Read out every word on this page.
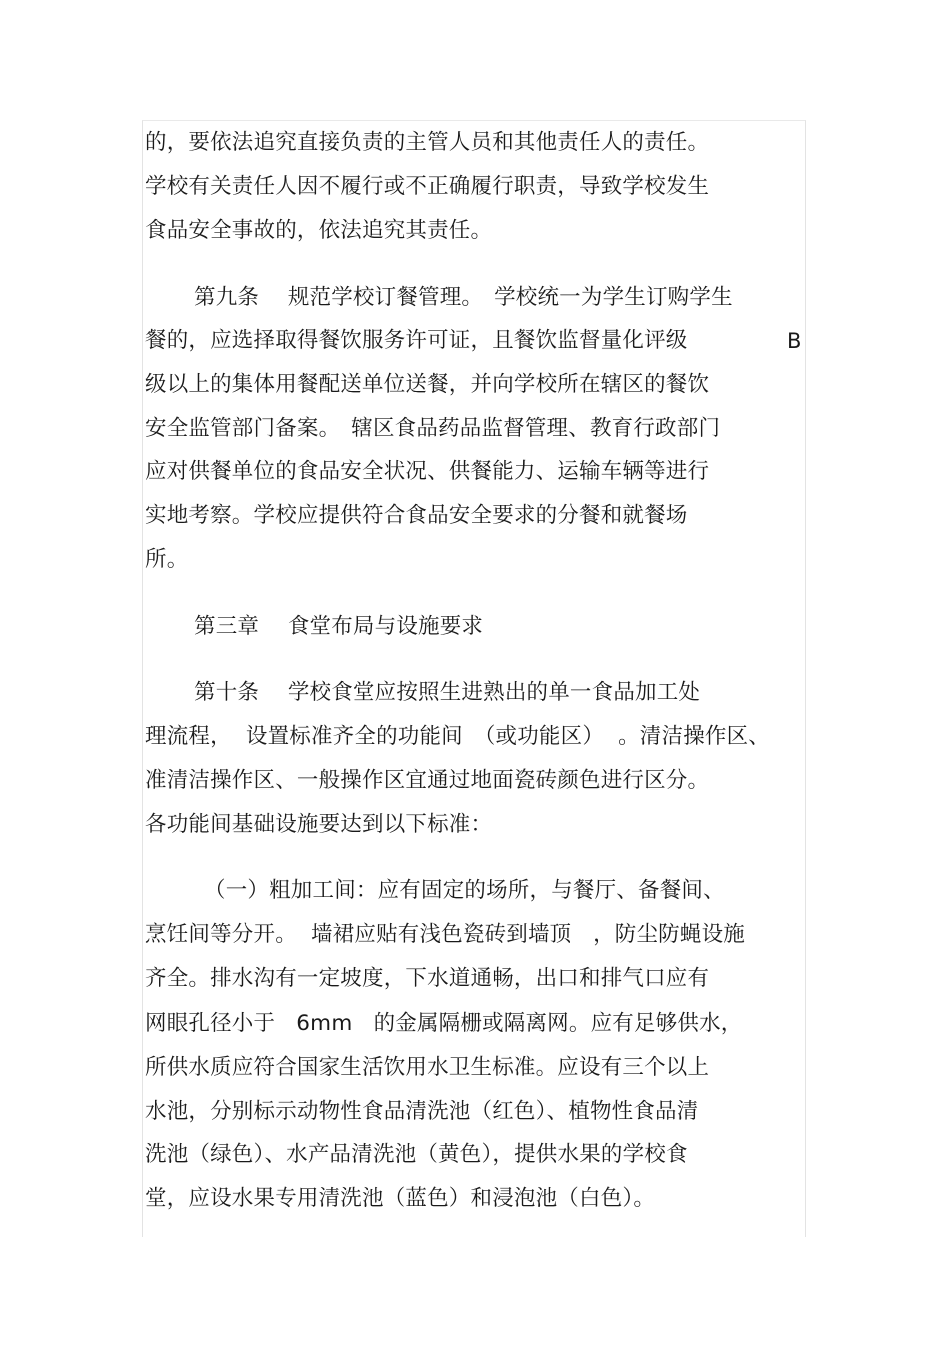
的，要依法追究直接负责的主管人员和其他责任人的责任。
学校有关责任人因不履行或不正确履行职责，导致学校发生
食品安全事故的，依法追究其责任。
第九条　 规范学校订餐管理。　学校统一为学生订购学生
餐的，应选择取得餐饮服务许可证，且餐饮监督量化评级	B
级以上的集体用餐配送单位送餐，并向学校所在辖区的餐饮
安全监管部门备案。　辖区食品药品监督管理、教育行政部门
应对供餐单位的食品安全状况、供餐能力、运输车辆等进行
实地考察。学校应提供符合食品安全要求的分餐和就餐场
所。
第三章　 食堂布局与设施要求
第十条　 学校食堂应按照生进熟出的单一食品加工处
理流程，  设置标准齐全的功能间　（或功能区）  。清洁操作区、
准清洁操作区、一般操作区宜通过地面瓷砖颜色进行区分。
各功能间基础设施要达到以下标准：
（一）粗加工间：应有固定的场所，与餐厅、备餐间、
烹饪间等分开。  墙裙应贴有浅色瓷砖到墙顶　，防尘防蝇设施
齐全。排水沟有一定坡度，下水道通畅，出口和排气口应有
网眼孔径小于   6mm   的金属隔栅或隔离网。应有足够供水，
所供水质应符合国家生活饮用水卫生标准。应设有三个以上
水池，分别标示动物性食品清洗池（红色）、植物性食品清
洗池（绿色）、水产品清洗池（黄色），提供水果的学校食
堂，应设水果专用清洗池（蓝色）和浸泡池（白色）。
